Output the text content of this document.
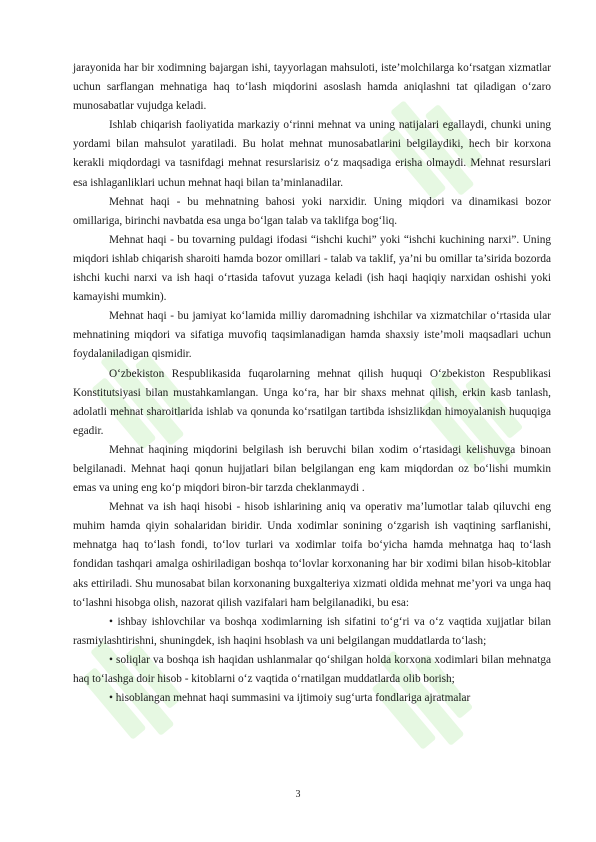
jarayonida har bir xodimning bajargan ishi, tayyorlagan mahsuloti, iste’molchilarga ko‘rsatgan xizmatlar uchun sarflangan mehnatiga haq to‘lash miqdorini asoslash hamda aniqlashni tat qiladigan o‘zaro munosabatlar vujudga keladi.

Ishlab chiqarish faoliyatida markaziy o‘rinni mehnat va uning natijalari egallaydi, chunki uning yordami bilan mahsulot yaratiladi. Bu holat mehnat munosabatlarini belgilaydiki, hech bir korxona kerakli miqdordagi va tasnifdagi mehnat resurslarisiz o‘z maqsadiga erisha olmaydi. Mehnat resurslari esa ishlaganliklari uchun mehnat haqi bilan ta’minlanadilar.

Mehnat haqi - bu mehnatning bahosi yoki narxidir. Uning miqdori va dinamikasi bozor omillariga, birinchi navbatda esa unga bo‘lgan talab va taklifga bog‘liq.

Mehnat haqi - bu tovarning puldagi ifodasi “ishchi kuchi” yoki “ishchi kuchining narxi”. Uning miqdori ishlab chiqarish sharoiti hamda bozor omillari - talab va taklif, ya’ni bu omillar ta’sirida bozorda ishchi kuchi narxi va ish haqi o‘rtasida tafovut yuzaga keladi (ish haqi haqiqiy narxidan oshishi yoki kamayishi mumkin).

Mehnat haqi - bu jamiyat ko‘lamida milliy daromadning ishchilar va xizmatchilar o‘rtasida ular mehnatining miqdori va sifatiga muvofiq taqsimlanadigan hamda shaxsiy iste’moli maqsadlari uchun foydalaniladigan qismidir.

O‘zbekiston Respublikasida fuqarolarning mehnat qilish huquqi O‘zbekiston Respublikasi Konstitutsiyasi bilan mustahkamlangan. Unga ko‘ra, har bir shaxs mehnat qilish, erkin kasb tanlash, adolatli mehnat sharoitlarida ishlab va qonunda ko‘rsatilgan tartibda ishsizlikdan himoyalanish huquqiga egadir.

Mehnat haqining miqdorini belgilash ish beruvchi bilan xodim o‘rtasidagi kelishuvga binoan belgilanadi. Mehnat haqi qonun hujjatlari bilan belgilangan eng kam miqdordan oz bo‘lishi mumkin emas va uning eng ko‘p miqdori biron-bir tarzda cheklanmaydi .

Mehnat va ish haqi hisobi - hisob ishlarining aniq va operativ ma’lumotlar talab qiluvchi eng muhim hamda qiyin sohalaridan biridir. Unda xodimlar sonining o‘zgarish ish vaqtining sarflanishi, mehnatga haq to‘lash fondi, to‘lov turlari va xodimlar toifa bo‘yicha hamda mehnatga haq to‘lash fondidan tashqari amalga oshiriladigan boshqa to‘lovlar korxonaning har bir xodimi bilan hisob-kitoblar aks ettiriladi. Shu munosabat bilan korxonaning buxgalteriya xizmati oldida mehnat me’yori va unga haq to‘lashni hisobga olish, nazorat qilish vazifalari ham belgilanadiki, bu esa:

• ishbay ishlovchilar va boshqa xodimlarning ish sifatini to‘g‘ri va o‘z vaqtida xujjatlar bilan rasmiylashtirishni, shuningdek, ish haqini hsoblash va uni belgilangan muddatlarda to‘lash;

• soliqlar va boshqa ish haqidan ushlanmalar qo‘shilgan holda korxona xodimlari bilan mehnatga haq to‘lashga doir hisob - kitoblarni o‘z vaqtida o‘rnatilgan muddatlarda olib borish;

• hisoblangan mehnat haqi summasini va ijtimoiy sug‘urta fondlariga ajratmalar

3
